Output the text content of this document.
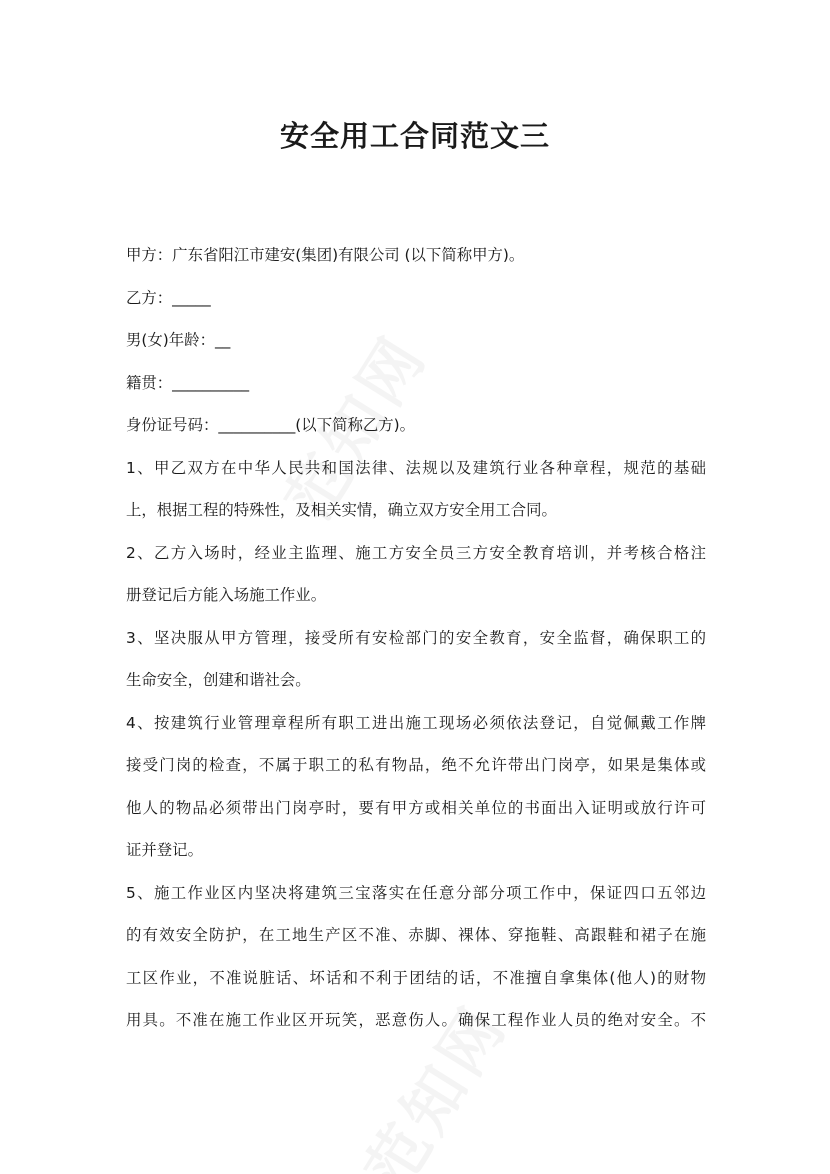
安全用工合同范文三
甲方：广东省阳江市建安(集团)有限公司 (以下简称甲方)。
乙方：_____
男(女)年龄：__
籍贯：__________
身份证号码：__________(以下简称乙方)。
1、甲乙双方在中华人民共和国法律、法规以及建筑行业各种章程，规范的基础
上，根据工程的特殊性，及相关实情，确立双方安全用工合同。
2、乙方入场时，经业主监理、施工方安全员三方安全教育培训，并考核合格注
册登记后方能入场施工作业。
3、坚决服从甲方管理，接受所有安检部门的安全教育，安全监督，确保职工的
生命安全，创建和谐社会。
4、按建筑行业管理章程所有职工进出施工现场必须依法登记，自觉佩戴工作牌
接受门岗的检查，不属于职工的私有物品，绝不允许带出门岗亭，如果是集体或
他人的物品必须带出门岗亭时，要有甲方或相关单位的书面出入证明或放行许可
证并登记。
5、施工作业区内坚决将建筑三宝落实在任意分部分项工作中，保证四口五邻边
的有效安全防护，在工地生产区不准、赤脚、裸体、穿拖鞋、高跟鞋和裙子在施
工区作业，不准说脏话、坏话和不利于团结的话，不准擅自拿集体(他人)的财物
用具。不准在施工作业区开玩笑，恶意伤人。确保工程作业人员的绝对安全。不
